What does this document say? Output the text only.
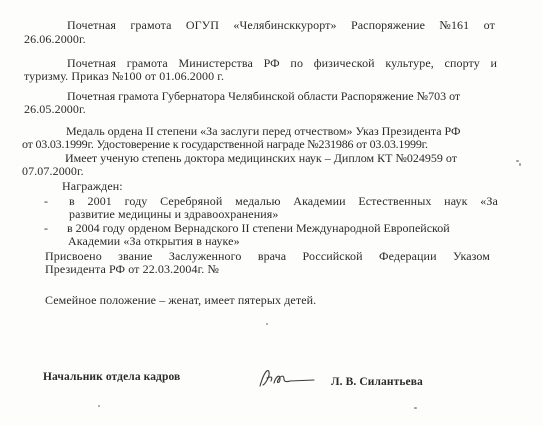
Почетная грамота ОГУП «Челябинсккурорт» Распоряжение №161 от
26.06.2000г.
Почетная грамота Министерства РФ по физической культуре, спорту и
туризму. Приказ №100 от 01.06.2000 г.
Почетная грамота Губернатора Челябинской области Распоряжение №703 от
26.05.2000г.
Медаль ордена II степени «За заслуги перед отчеством» Указ Президента РФ
от 03.03.1999г. Удостоверение к государственной награде №231986 от 03.03.1999г.
Имеет ученую степень доктора медицинских наук – Диплом КТ №024959 от
07.07.2000г.
Награжден:
- в 2001 году Серебряной медалью Академии Естественных наук «За
развитие медицины и здравоохранения»
- в 2004 году орденом Вернадского II степени Международной Европейской
Академии «За открытия в науке»
Присвоено звание Заслуженного врача Российской Федерации Указом
Президента РФ от 22.03.2004г. №
Семейное положение – женат, имеет пятерых детей.
Начальник отдела кадров	Л. В. Силантьева
